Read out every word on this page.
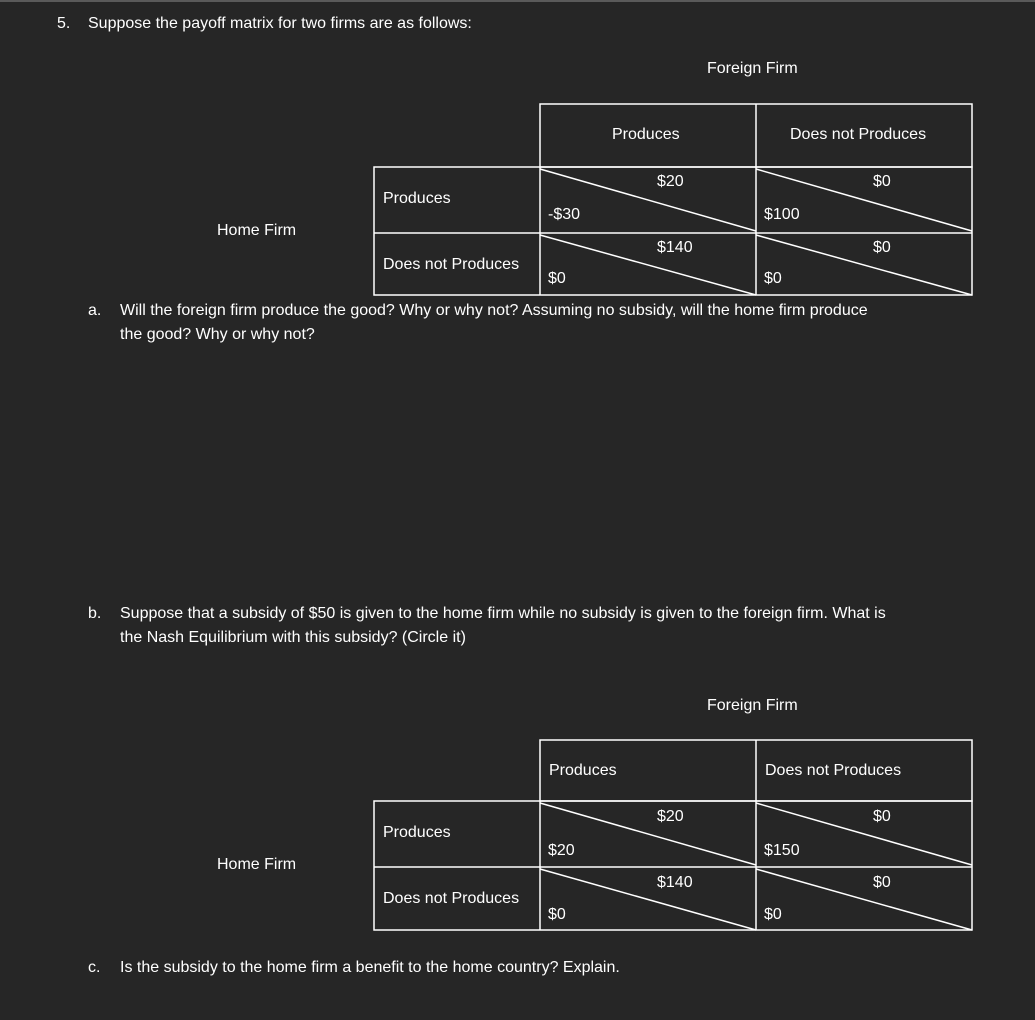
5. Suppose the payoff matrix for two firms are as follows:
Foreign Firm
Home Firm
Produces	Does not Produces
Produces
Does not Produces
$20
-$30
$0
$100
$140
$0
$0
$0
a. Will the foreign firm produce the good? Why or why not? Assuming no subsidy, will the home firm produce
the good? Why or why not?
b. Suppose that a subsidy of $50 is given to the home firm while no subsidy is given to the foreign firm. What is
the Nash Equilibrium with this subsidy? (Circle it)
Foreign Firm
Home Firm
Produces	Does not Produces
Produces
Does not Produces
$20
$20
$0
$150
$140
$0
$0
$0
c. Is the subsidy to the home firm a benefit to the home country? Explain.
